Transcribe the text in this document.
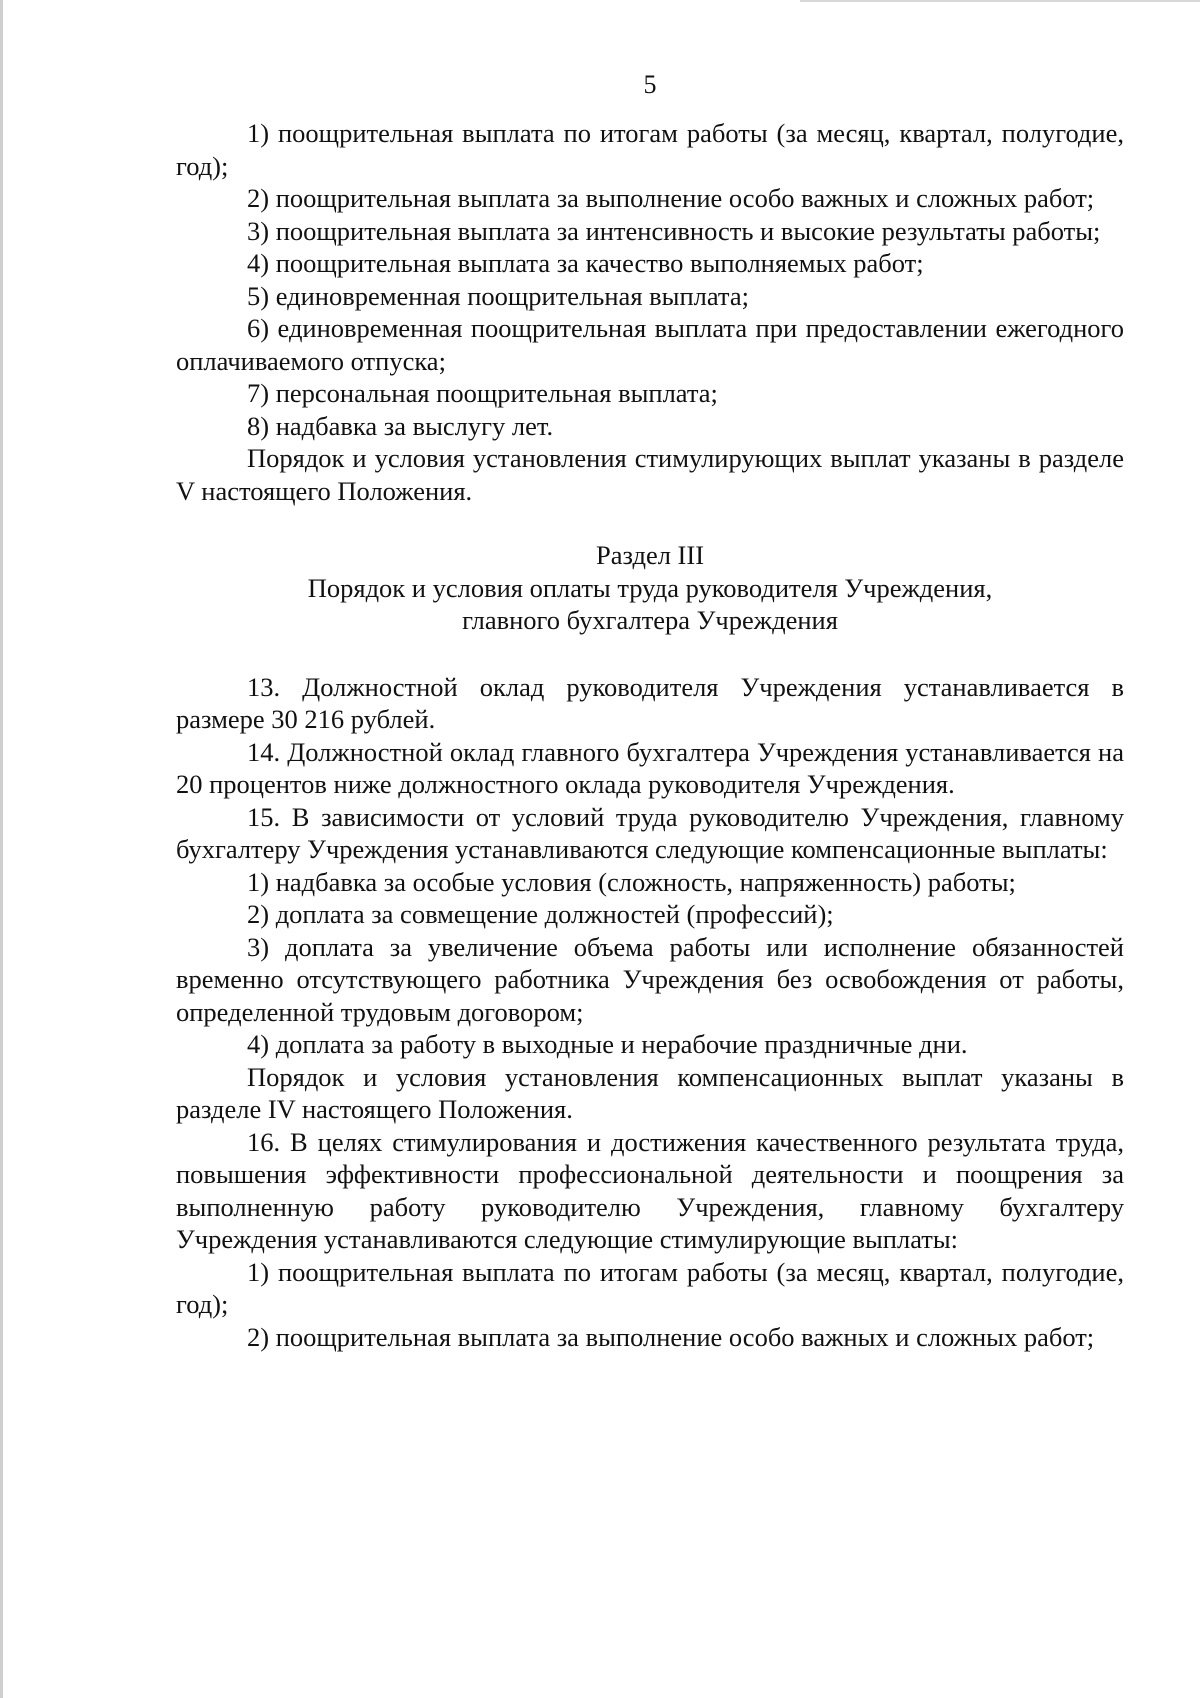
5

1) поощрительная выплата по итогам работы (за месяц, квартал, полугодие, год);

2) поощрительная выплата за выполнение особо важных и сложных работ;

3) поощрительная выплата за интенсивность и высокие результаты работы;

4) поощрительная выплата за качество выполняемых работ;

5) единовременная поощрительная выплата;

6) единовременная поощрительная выплата при предоставлении ежегодного оплачиваемого отпуска;

7) персональная поощрительная выплата;

8) надбавка за выслугу лет.

Порядок и условия установления стимулирующих выплат указаны в разделе V настоящего Положения.

Раздел III

Порядок и условия оплаты труда руководителя Учреждения,

главного бухгалтера Учреждения

13. Должностной оклад руководителя Учреждения устанавливается в размере 30 216 рублей.

14. Должностной оклад главного бухгалтера Учреждения устанавливается на 20 процентов ниже должностного оклада руководителя Учреждения.

15. В зависимости от условий труда руководителю Учреждения, главному бухгалтеру Учреждения устанавливаются следующие компенсационные выплаты:

1) надбавка за особые условия (сложность, напряженность) работы;

2) доплата за совмещение должностей (профессий);

3) доплата за увеличение объема работы или исполнение обязанностей временно отсутствующего работника Учреждения без освобождения от работы, определенной трудовым договором;

4) доплата за работу в выходные и нерабочие праздничные дни.

Порядок и условия установления компенсационных выплат указаны в разделе IV настоящего Положения.

16. В целях стимулирования и достижения качественного результата труда, повышения эффективности профессиональной деятельности и поощрения за выполненную работу руководителю Учреждения, главному бухгалтеру Учреждения устанавливаются следующие стимулирующие выплаты:

1) поощрительная выплата по итогам работы (за месяц, квартал, полугодие, год);

2) поощрительная выплата за выполнение особо важных и сложных работ;
